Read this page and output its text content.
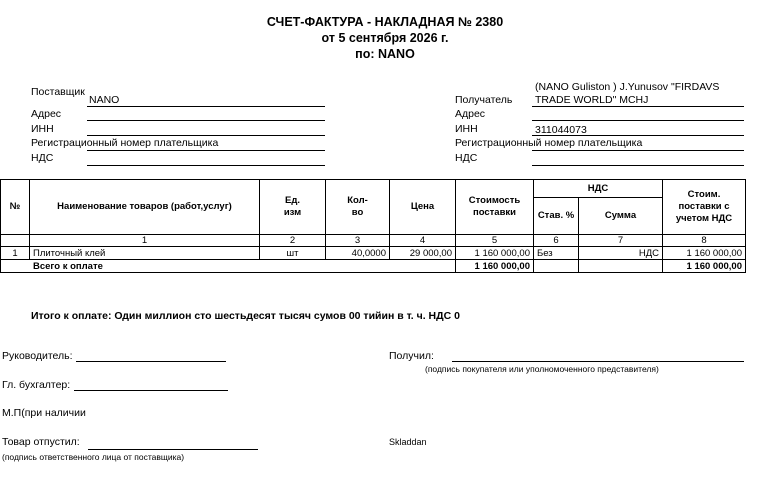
СЧЕТ-ФАКТУРА - НАКЛАДНАЯ № 2380
от 5 сентября 2026 г.
по: NANO
Поставщик
NANO
Адрес
ИНН
Регистрационный номер плательщика
НДС
(NANO Guliston ) J.Yunusov "FIRDAVS
TRADE WORLD" MCHJ
Получатель
Адрес
ИНН	311044073
Регистрационный номер плательщика
НДС
№	Наименование товаров (работ,услуг)	Ед. изм	Кол-во	Цена	Стоимость поставки	НДС		Стоим. поставки с учетом НДС
						Став. %	Сумма	
	1	2	3	4	5	6	7	8
1	Плиточный клей	шт	40,0000	29 000,00	1 160 000,00	Без	НДС	1 160 000,00
Всего к оплате					1 160 000,00			1 160 000,00
Итого к оплате: Один миллион сто шестьдесят тысяч сумов 00 тийин в т. ч. НДС 0
Руководитель:
Гл. бухгалтер:
М.П(при наличии
Товар отпустил:
(подпись ответственного лица от поставщика)
Получил:
(подпись покупателя или уполномоченного представителя)
Skladdan
